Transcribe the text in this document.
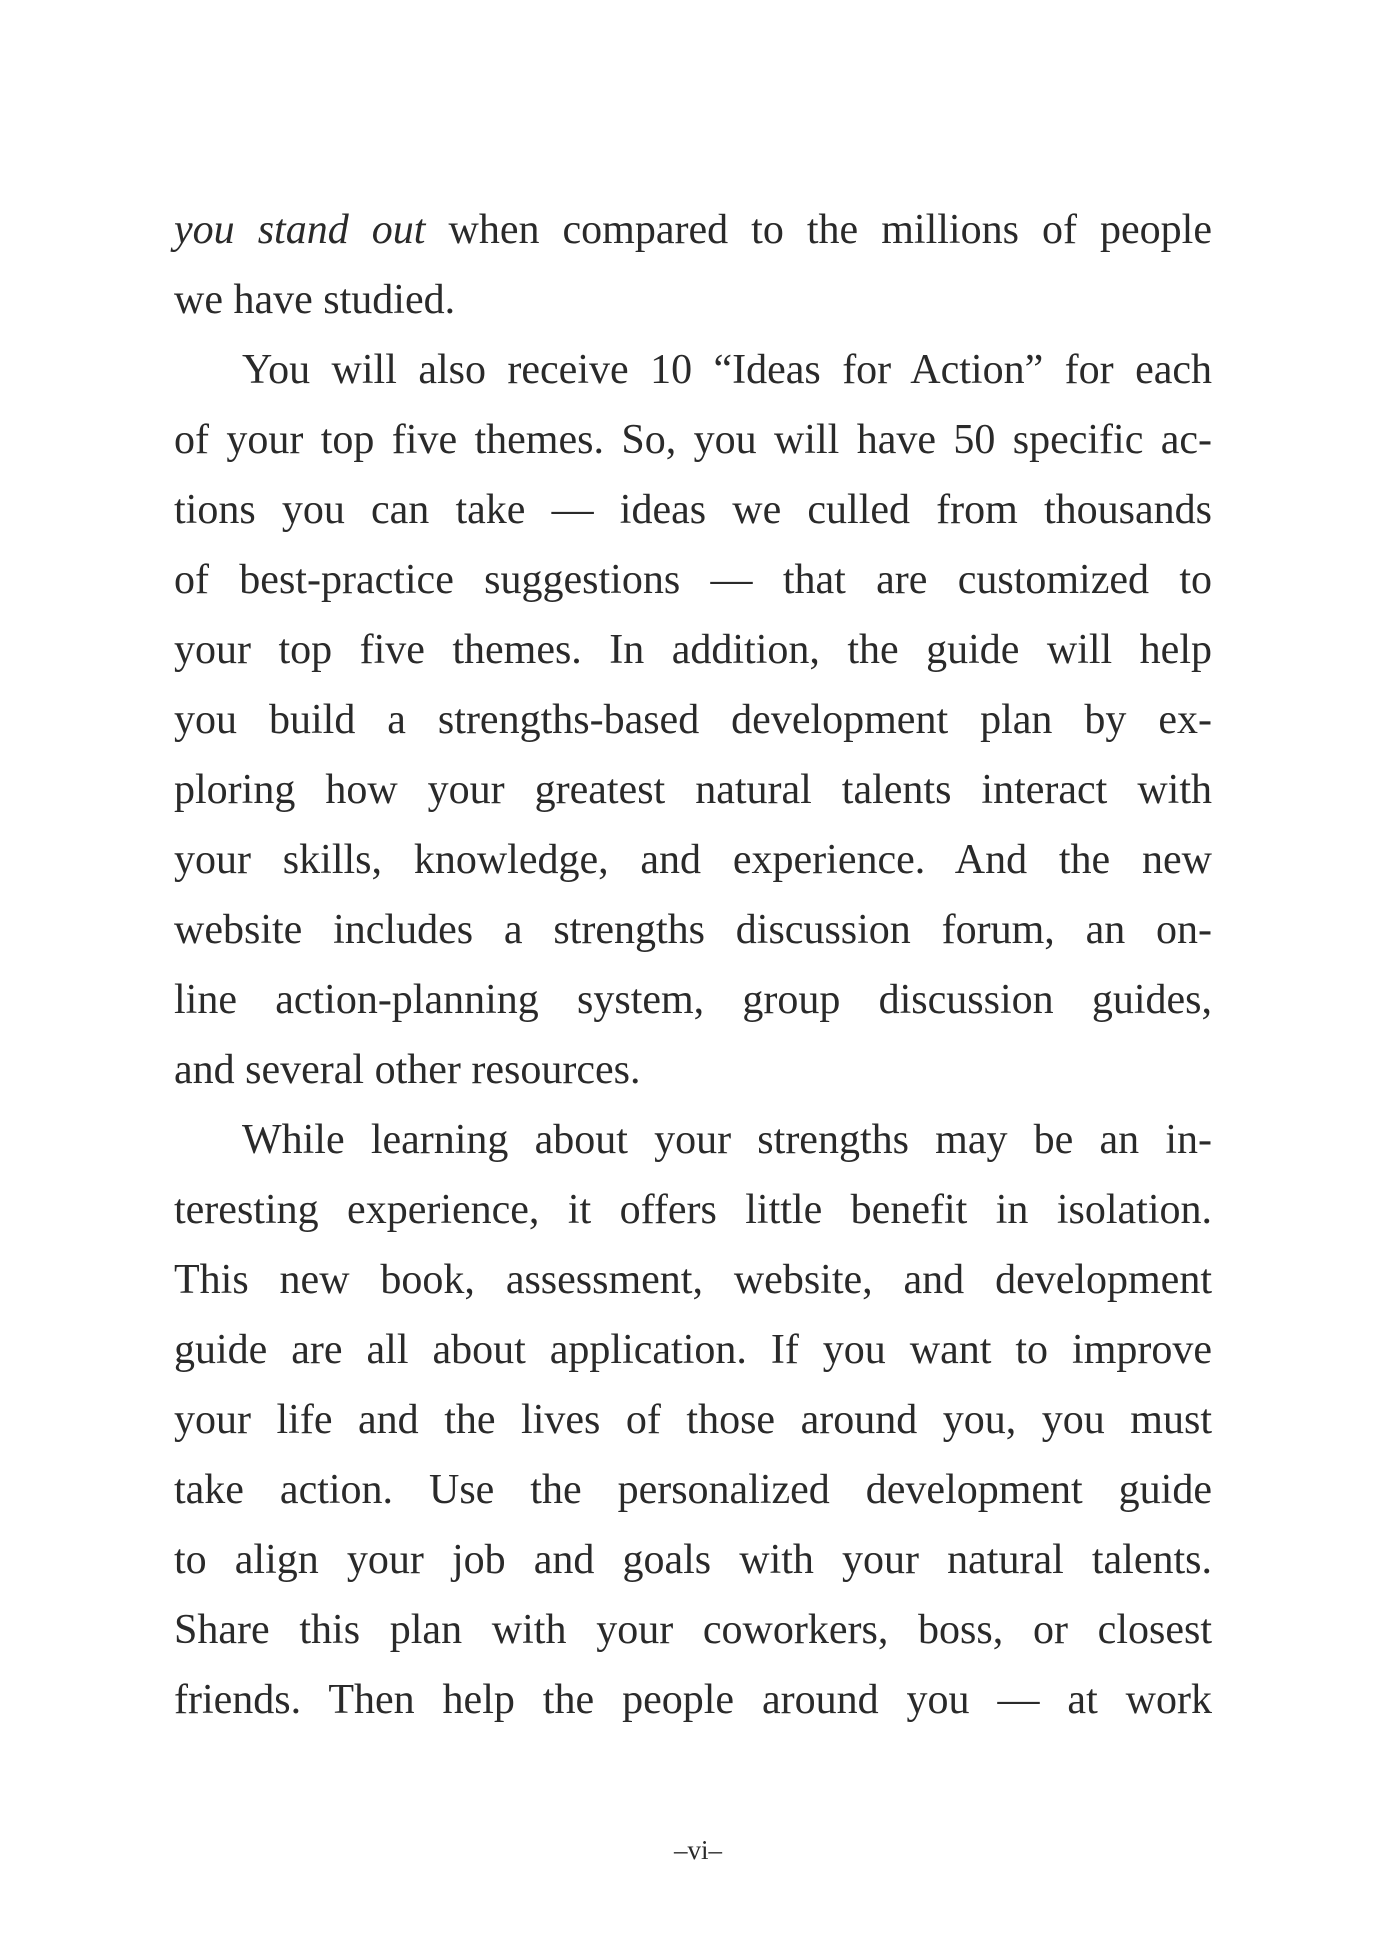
you stand out when compared to the millions of people
we have studied.
You will also receive 10 “Ideas for Action” for each
of your top five themes. So, you will have 50 specific ac-
tions you can take — ideas we culled from thousands
of best-practice suggestions — that are customized to
your top five themes. In addition, the guide will help
you build a strengths-based development plan by ex-
ploring how your greatest natural talents interact with
your skills, knowledge, and experience. And the new
website includes a strengths discussion forum, an on-
line action-planning system, group discussion guides,
and several other resources.
While learning about your strengths may be an in-
teresting experience, it offers little benefit in isolation.
This new book, assessment, website, and development
guide are all about application. If you want to improve
your life and the lives of those around you, you must
take action. Use the personalized development guide
to align your job and goals with your natural talents.
Share this plan with your coworkers, boss, or closest
friends. Then help the people around you — at work
–vi–
